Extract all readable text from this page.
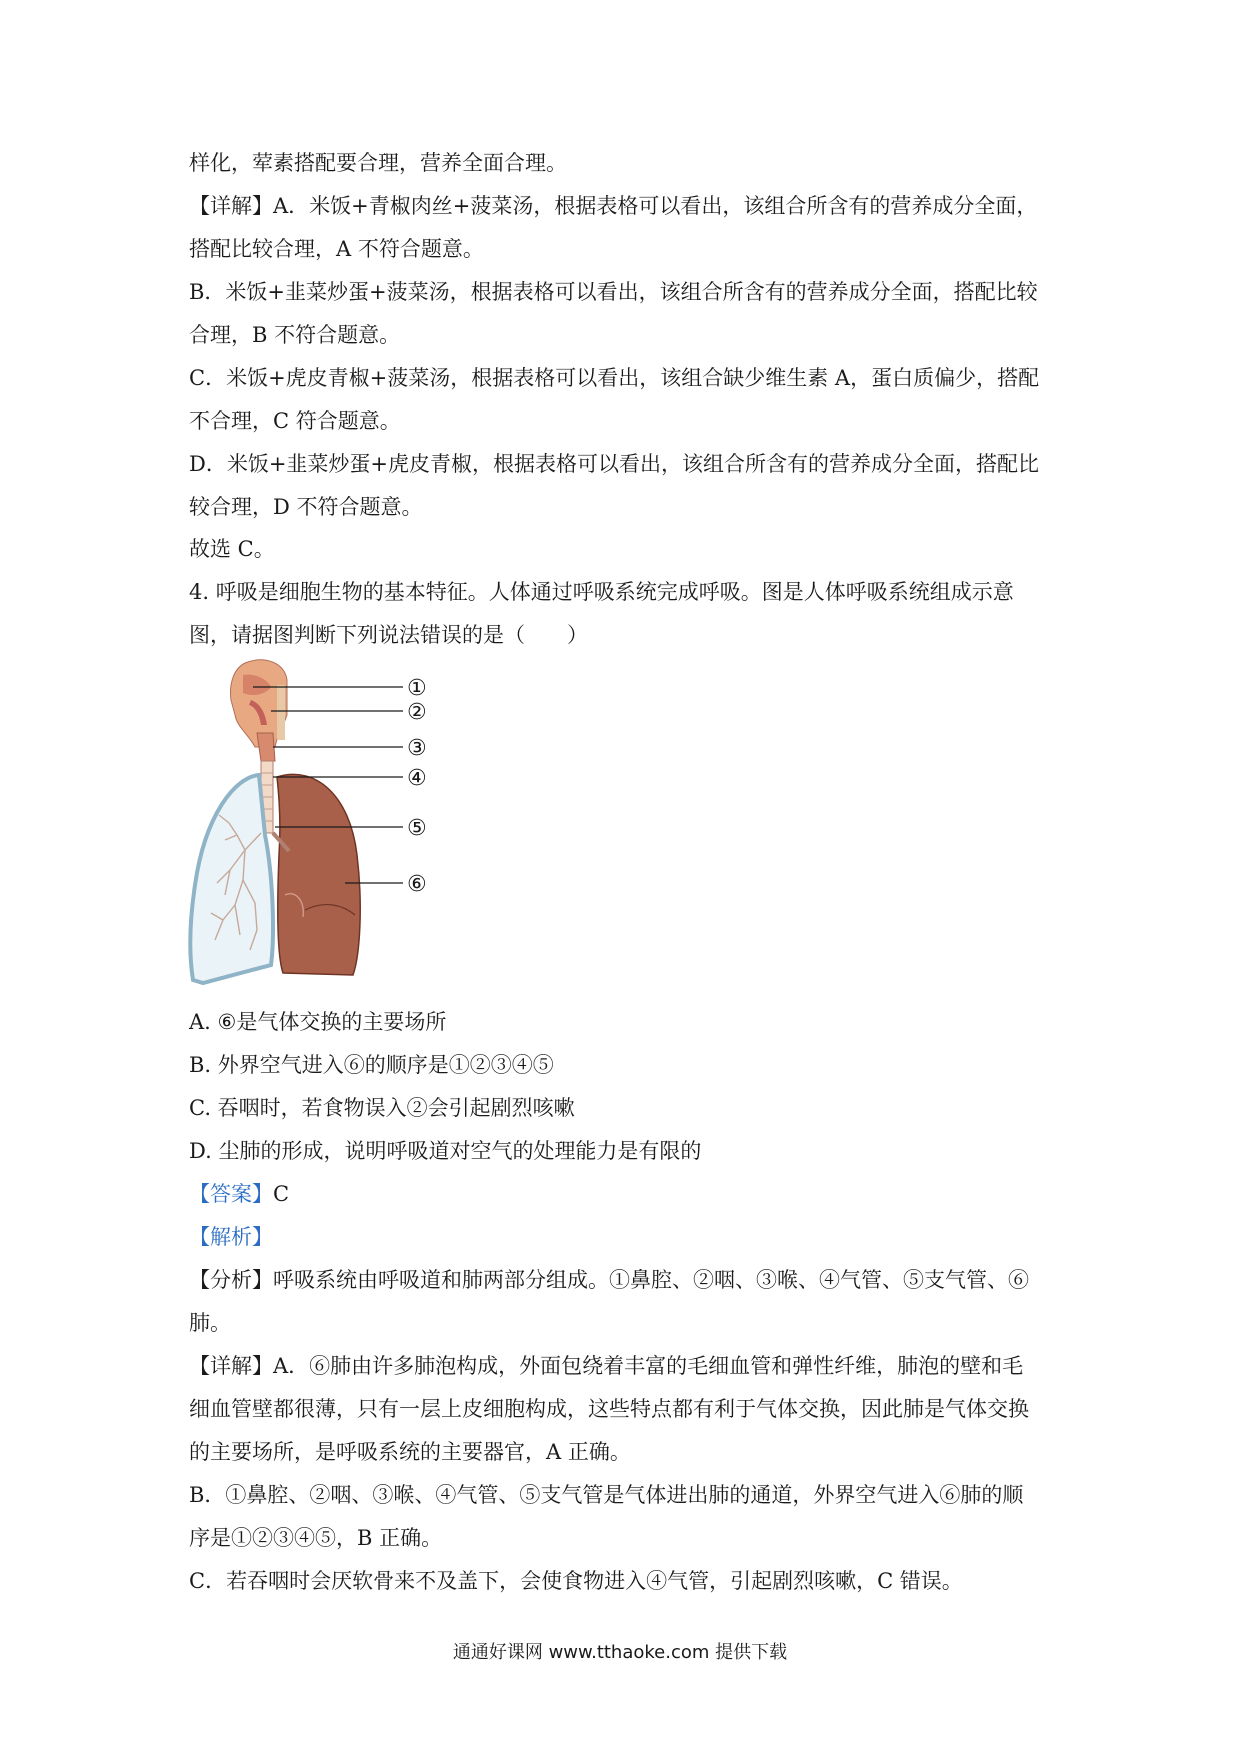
样化，荤素搭配要合理，营养全面合理。
【详解】A．米饭+青椒肉丝+菠菜汤，根据表格可以看出，该组合所含有的营养成分全面，
搭配比较合理，A 不符合题意。
B．米饭+韭菜炒蛋+菠菜汤，根据表格可以看出，该组合所含有的营养成分全面，搭配比较
合理，B 不符合题意。
C．米饭+虎皮青椒+菠菜汤，根据表格可以看出，该组合缺少维生素 A，蛋白质偏少，搭配
不合理，C 符合题意。
D．米饭+韭菜炒蛋+虎皮青椒，根据表格可以看出，该组合所含有的营养成分全面，搭配比
较合理，D 不符合题意。
故选 C。
4. 呼吸是细胞生物的基本特征。人体通过呼吸系统完成呼吸。图是人体呼吸系统组成示意
图，请据图判断下列说法错误的是（　　）
①
②
③
④
⑤
⑥
A. ⑥是气体交换的主要场所
B. 外界空气进入⑥的顺序是①②③④⑤
C. 吞咽时，若食物误入②会引起剧烈咳嗽
D. 尘肺的形成，说明呼吸道对空气的处理能力是有限的
【答案】C
【解析】
【分析】呼吸系统由呼吸道和肺两部分组成。①鼻腔、②咽、③喉、④气管、⑤支气管、⑥
肺。
【详解】A．⑥肺由许多肺泡构成，外面包绕着丰富的毛细血管和弹性纤维，肺泡的壁和毛
细血管壁都很薄，只有一层上皮细胞构成，这些特点都有利于气体交换，因此肺是气体交换
的主要场所，是呼吸系统的主要器官，A 正确。
B．①鼻腔、②咽、③喉、④气管、⑤支气管是气体进出肺的通道，外界空气进入⑥肺的顺
序是①②③④⑤，B 正确。
C．若吞咽时会厌软骨来不及盖下，会使食物进入④气管，引起剧烈咳嗽，C 错误。
通通好课网 www.tthaoke.com 提供下载
